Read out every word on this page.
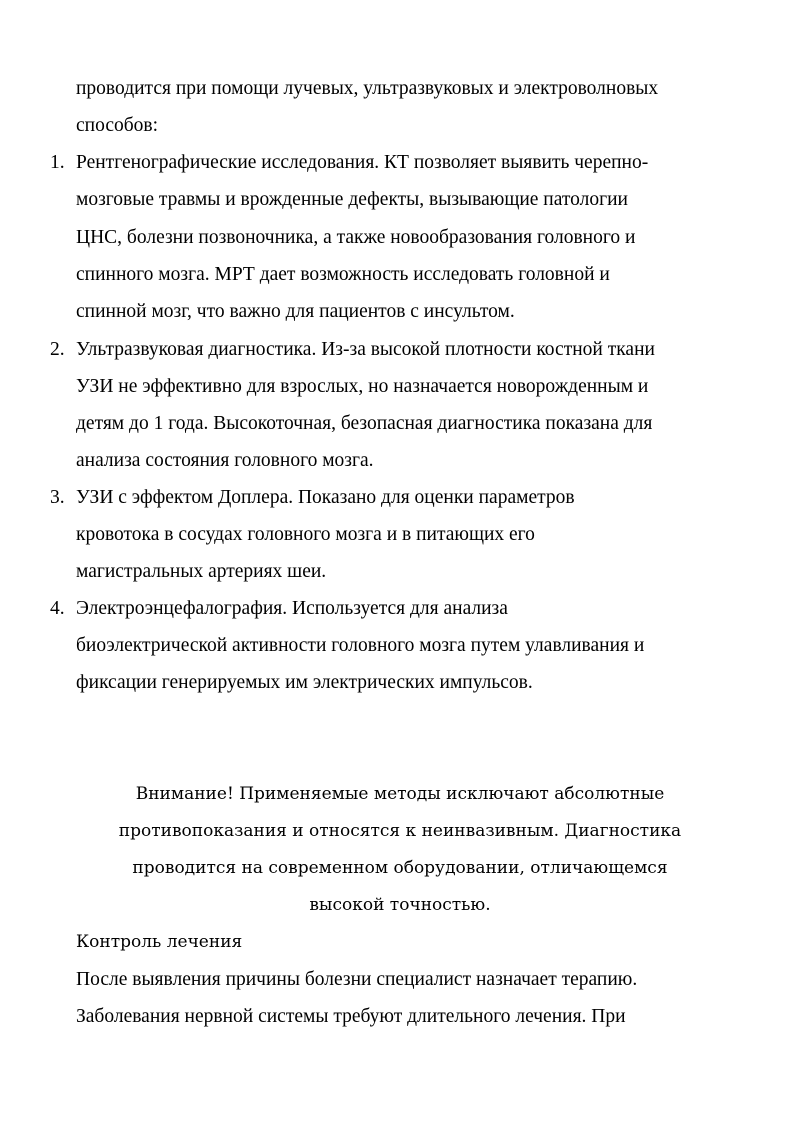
проводится при помощи лучевых, ультразвуковых и электроволновых
способов:
1. Рентгенографические исследования. КТ позволяет выявить черепно-
мозговые травмы и врожденные дефекты, вызывающие патологии
ЦНС, болезни позвоночника, а также новообразования головного и
спинного мозга. МРТ дает возможность исследовать головной и
спинной мозг, что важно для пациентов с инсультом.
2. Ультразвуковая диагностика. Из-за высокой плотности костной ткани
УЗИ не эффективно для взрослых, но назначается новорожденным и
детям до 1 года. Высокоточная, безопасная диагностика показана для
анализа состояния головного мозга.
3. УЗИ с эффектом Доплера. Показано для оценки параметров
кровотока в сосудах головного мозга и в питающих его
магистральных артериях шеи.
4. Электроэнцефалография. Используется для анализа
биоэлектрической активности головного мозга путем улавливания и
фиксации генерируемых им электрических импульсов.
Внимание! Применяемые методы исключают абсолютные
противопоказания и относятся к неинвазивным. Диагностика
проводится на современном оборудовании, отличающемся
высокой точностью.
Контроль лечения
После выявления причины болезни специалист назначает терапию.
Заболевания нервной системы требуют длительного лечения. При
